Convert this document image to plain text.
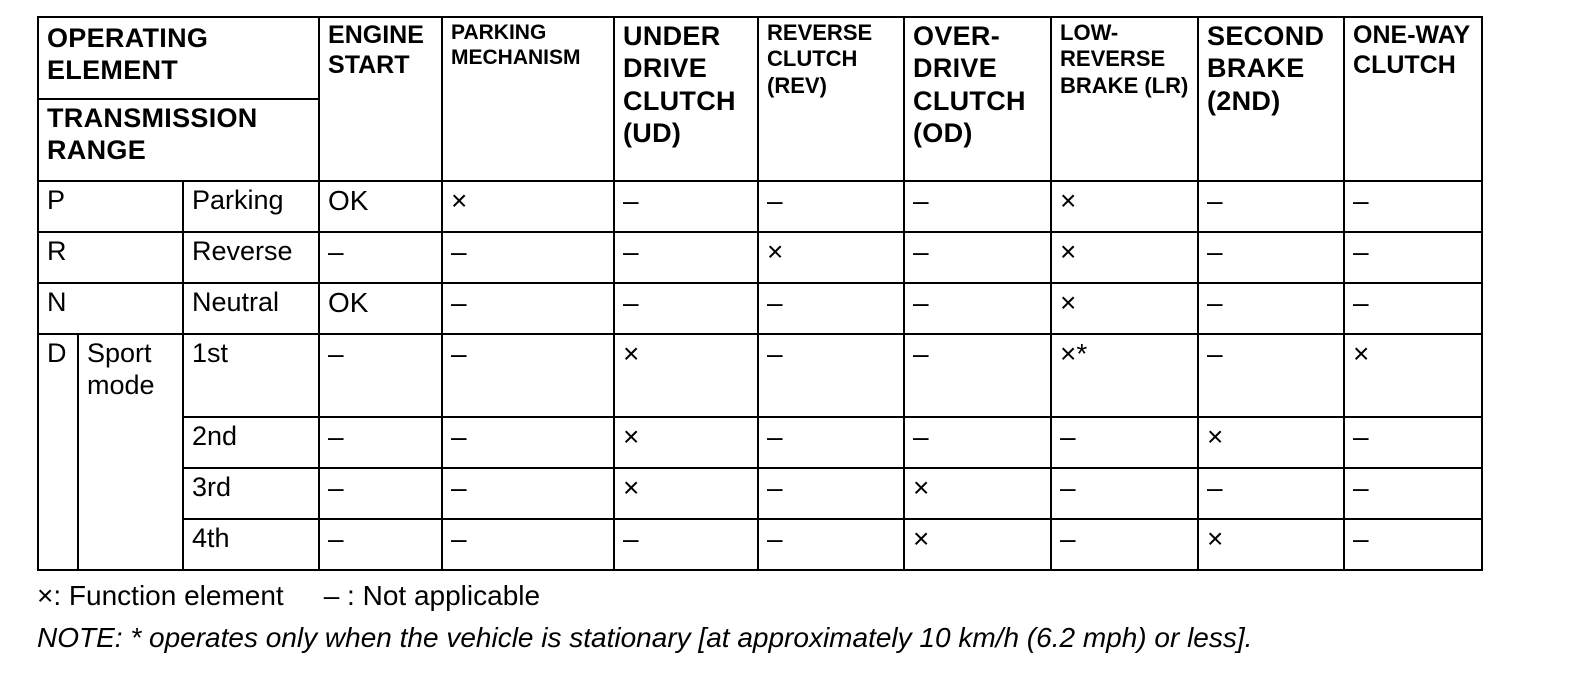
OPERATING ELEMENT			ENGINE START	PARKING MECHANISM	UNDER DRIVE CLUTCH (UD)	REVERSE CLUTCH (REV)	OVER-DRIVE CLUTCH (OD)	LOW-REVERSE BRAKE (LR)	SECOND BRAKE (2ND)	ONE-WAY CLUTCH
TRANSMISSION RANGE										
P		Parking	OK	×	–	–	–	×	–	–
R		Reverse	–	–	–	×	–	×	–	–
N		Neutral	OK	–	–	–	–	×	–	–
D	Sport mode	1st	–	–	×	–	–	×*	–	×
		2nd	–	–	×	–	–	–	×	–
		3rd	–	–	×	–	×	–	–	–
		4th	–	–	–	–	×	–	×	–
×: Function element – : Not applicable
NOTE: * operates only when the vehicle is stationary [at approximately 10 km/h (6.2 mph) or less].
